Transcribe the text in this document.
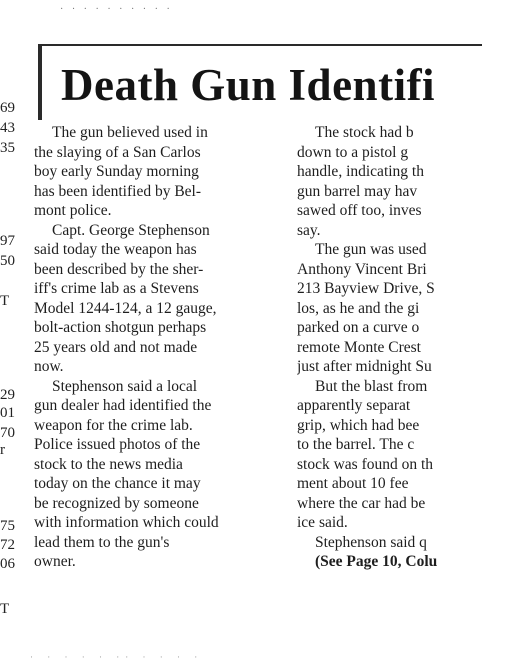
· · · · · · · · · ·
Death Gun Identifi
69
43
35
97
50
T
29
01
70
r
75
72
06
T
The gun believed used in
the slaying of a San Carlos
boy early Sunday morning
has been identified by Bel-
mont police.
Capt. George Stephenson
said today the weapon has
been described by the sher-
iff's crime lab as a Stevens
Model 1244-124, a 12 gauge,
bolt-action shotgun perhaps
25 years old and not made
now.
Stephenson said a local
gun dealer had identified the
weapon for the crime lab.
Police issued photos of the
stock to the news media
today on the chance it may
be recognized by someone
with information which could
lead them to the gun's
owner.
The stock had b
down to a pistol g
handle, indicating th
gun barrel may hav
sawed off too, inves
say.
The gun was used
Anthony Vincent Bri
213 Bayview Drive, S
los, as he and the gi
parked on a curve o
remote Monte Crest
just after midnight Su
But the blast from
apparently separat
grip, which had bee
to the barrel. The c
stock was found on th
ment about 10 fee
where the car had be
ice said.
Stephenson said q
(See Page 10, Colu
· · · · · ·· · · · ·
